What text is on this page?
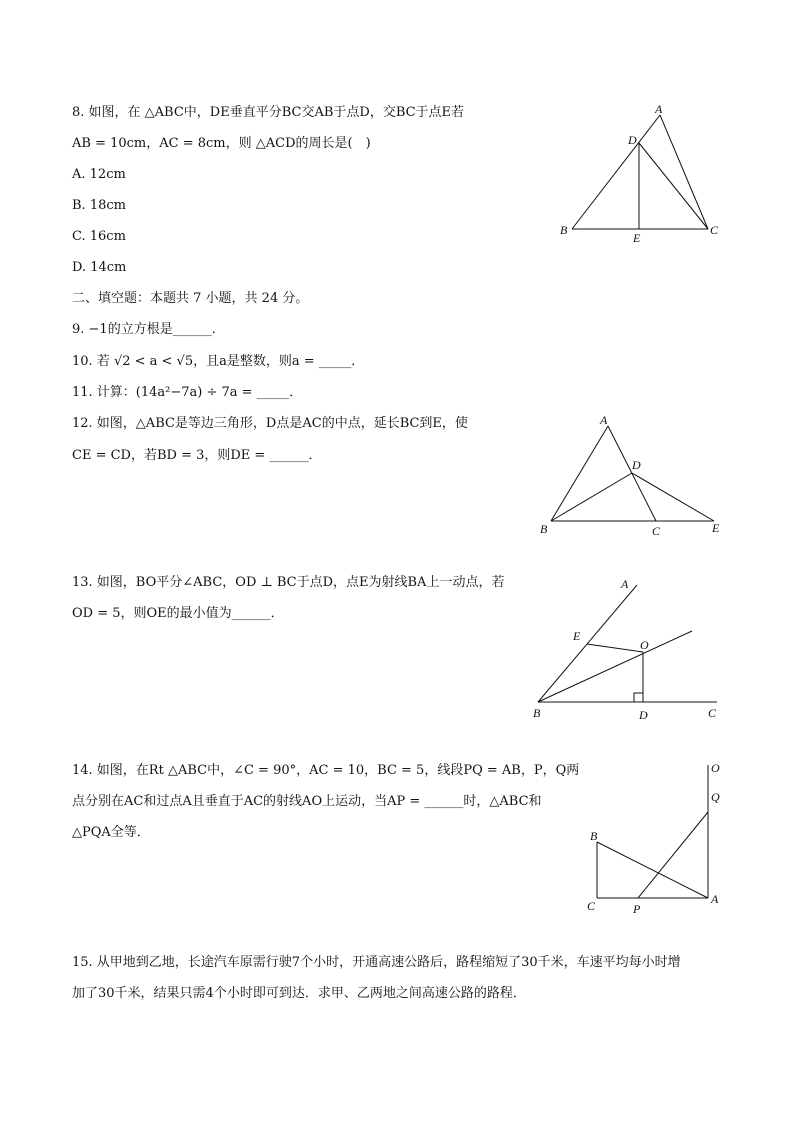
8. 如图，在 △ABC中，DE垂直平分BC交AB于点D，交BC于点E若
AB = 10cm，AC = 8cm，则 △ACD的周长是(　)
A. 12cm
B. 18cm
C. 16cm
D. 14cm
A
B	C
D
E
二、填空题：本题共 7 小题，共 24 分。
9. −1的立方根是______．
10. 若 √2 < a < √5，且a是整数，则a = _____．
11. 计算：(14a²−7a) ÷ 7a = _____．
12. 如图，△ABC是等边三角形，D点是AC的中点，延长BC到E，使
CE = CD，若BD = 3，则DE = ______．
A
B	C
D
E
13. 如图，BO平分∠ABC，OD ⊥ BC于点D，点E为射线BA上一动点，若
OD = 5，则OE的最小值为______．
A
B	C
D
E
O
14. 如图，在Rt △ABC中，∠C = 90°，AC = 10，BC = 5，线段PQ = AB，P，Q两
点分别在AC和过点A且垂直于AC的射线AO上运动，当AP = ______时，△ABC和
△PQA全等．
O
Q
B
C	P
A
15. 从甲地到乙地，长途汽车原需行驶7个小时，开通高速公路后，路程缩短了30千米，车速平均每小时增
加了30千米，结果只需4个小时即可到达．求甲、乙两地之间高速公路的路程．
